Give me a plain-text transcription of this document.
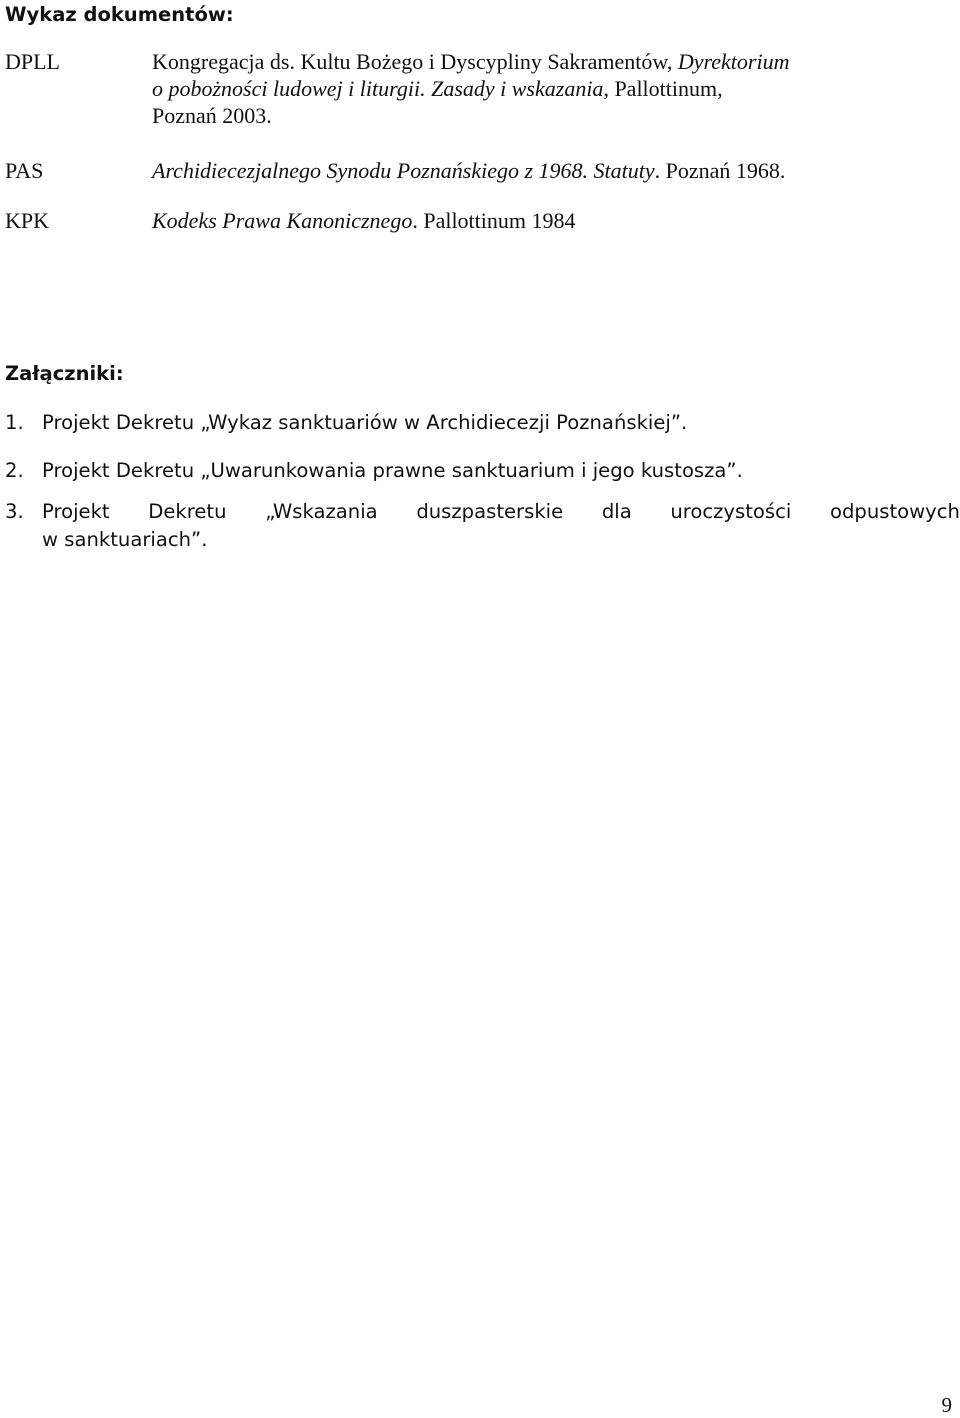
Wykaz dokumentów:
DPLL	Kongregacja ds. Kultu Bożego i Dyscypliny Sakramentów, Dyrektorium
o pobożności ludowej i liturgii. Zasady i wskazania, Pallottinum,
Poznań 2003.
PAS	Archidiecezjalnego Synodu Poznańskiego z 1968. Statuty. Poznań 1968.
KPK	Kodeks Prawa Kanonicznego. Pallottinum 1984
Załączniki:
1. Projekt Dekretu „Wykaz sanktuariów w Archidiecezji Poznańskiej”.
2. Projekt Dekretu „Uwarunkowania prawne sanktuarium i jego kustosza”.
3. Projekt Dekretu „Wskazania duszpasterskie dla uroczystości odpustowych
w sanktuariach”.
9
